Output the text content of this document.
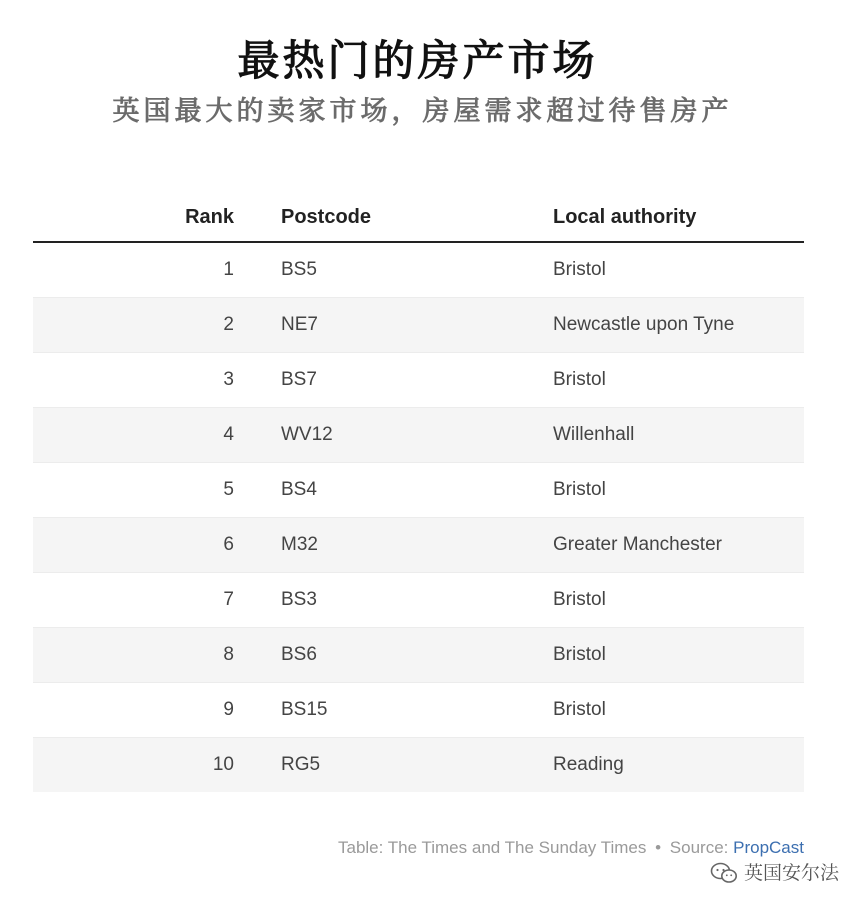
最热门的房产市场
英国最大的卖家市场，房屋需求超过待售房产
Rank Postcode	Local authority
1 BS5	Bristol
2 NE7	Newcastle upon Tyne
3 BS7	Bristol
4 WV12	Willenhall
5 BS4	Bristol
6 M32	Greater Manchester
7 BS3	Bristol
8 BS6	Bristol
9 BS15	Bristol
10 RG5	Reading
Table: The Times and The Sunday Times • Source: PropCast
英国安尔法
